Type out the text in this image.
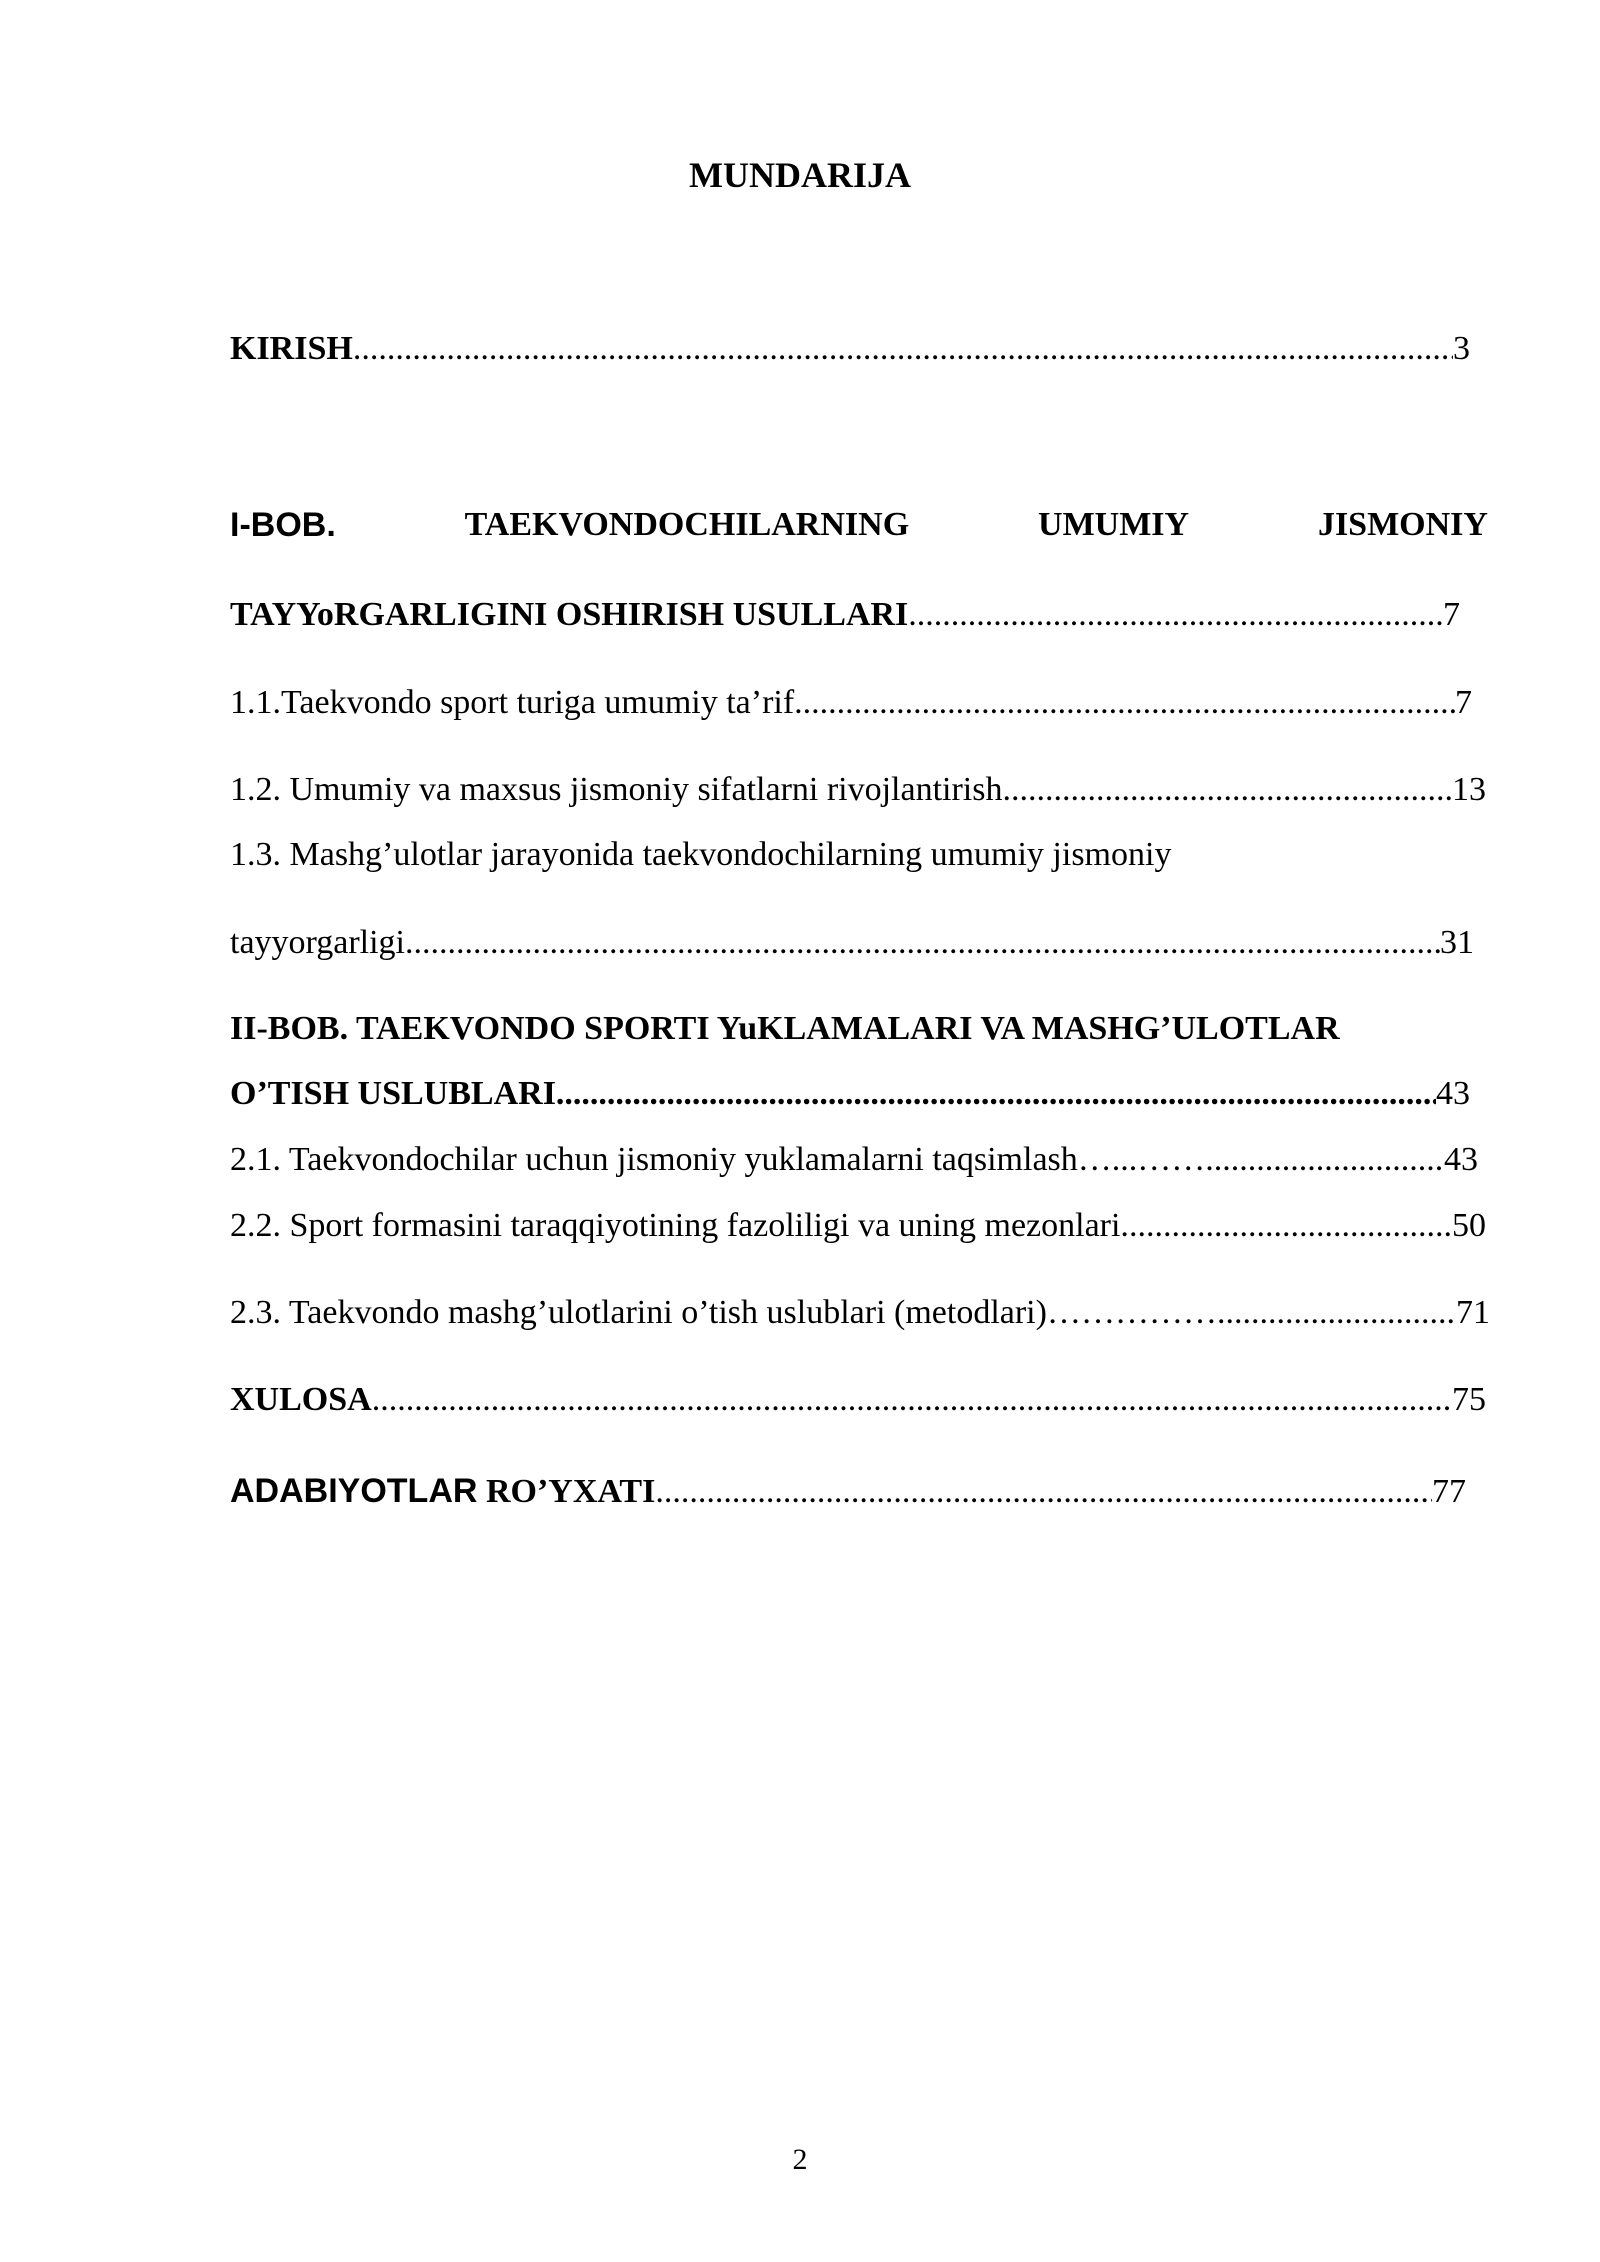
MUNDARIJA
KIRISH .....	3
I-BOB.	TAEKVONDOCHILARNING	UMUMIY	JISMONIY
TAYYoRGARLIGINI OSHIRISH USULLARI .....	7
1.1.Taekvondo sport turiga umumiy ta’rif .....	7
1.2. Umumiy va maxsus jismoniy sifatlarni rivojlantirish .....	13
1.3. Mashg’ulotlar jarayonida taekvondochilarning umumiy jismoniy
tayyorgarligi. .....	31
II-BOB. TAEKVONDO SPORTI YuKLAMALARI VA MASHG’ULOTLAR
O’TISH USLUBLARI. .....	43
2.1. Taekvondochilar uchun jismoniy yuklamalarni taqsimlash…...…… .....	43
2.2. Sport formasini taraqqiyotining fazoliligi va uning mezonlari. .....	50
2.3. Taekvondo mashg’ulotlarini o’tish uslublari (metodlari)…………… .....	71
XULOSA .....	75
ADABIYOTLAR RO’YXATI .....	77
2
